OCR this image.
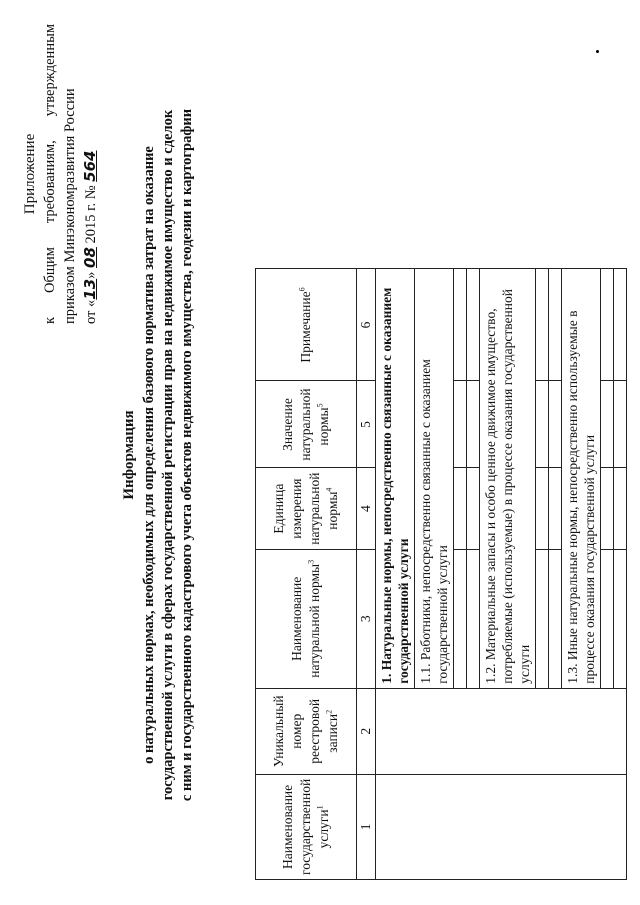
Приложение
к
Общим
требованиям,
утвержденным
приказом Минэкономразвития России от «13» 08 2015 г. № 564
Информация о натуральных нормах, необходимых для определения базового норматива затрат на оказание государственной услуги в сферах государственной регистрации прав на недвижимое имущество и сделок с ним и государственного кадастрового учета объектов недвижимого имущества, геодезии и картографии
Наименование государственной услуги$^1$	Уникальный номер реестровой записи$^2$	Наименование натуральной нормы$^3$	Единица измерения натуральной нормы$^4$	Значение натуральной нормы$^5$	Примечание$^6$
1	2	3	4	5	6
		1. Натуральные нормы, непосредственно связанные с оказанием государственной услуги			
		1.1. Работники, непосредственно связанные с оказанием государственной услуги			

		1.2. Материальные запасы и особо ценное движимое имущество, потребляемые (используемые) в процессе оказания государственной услуги			

		1.3. Иные натуральные нормы, непосредственно используемые в процессе оказания государственной услуги			
